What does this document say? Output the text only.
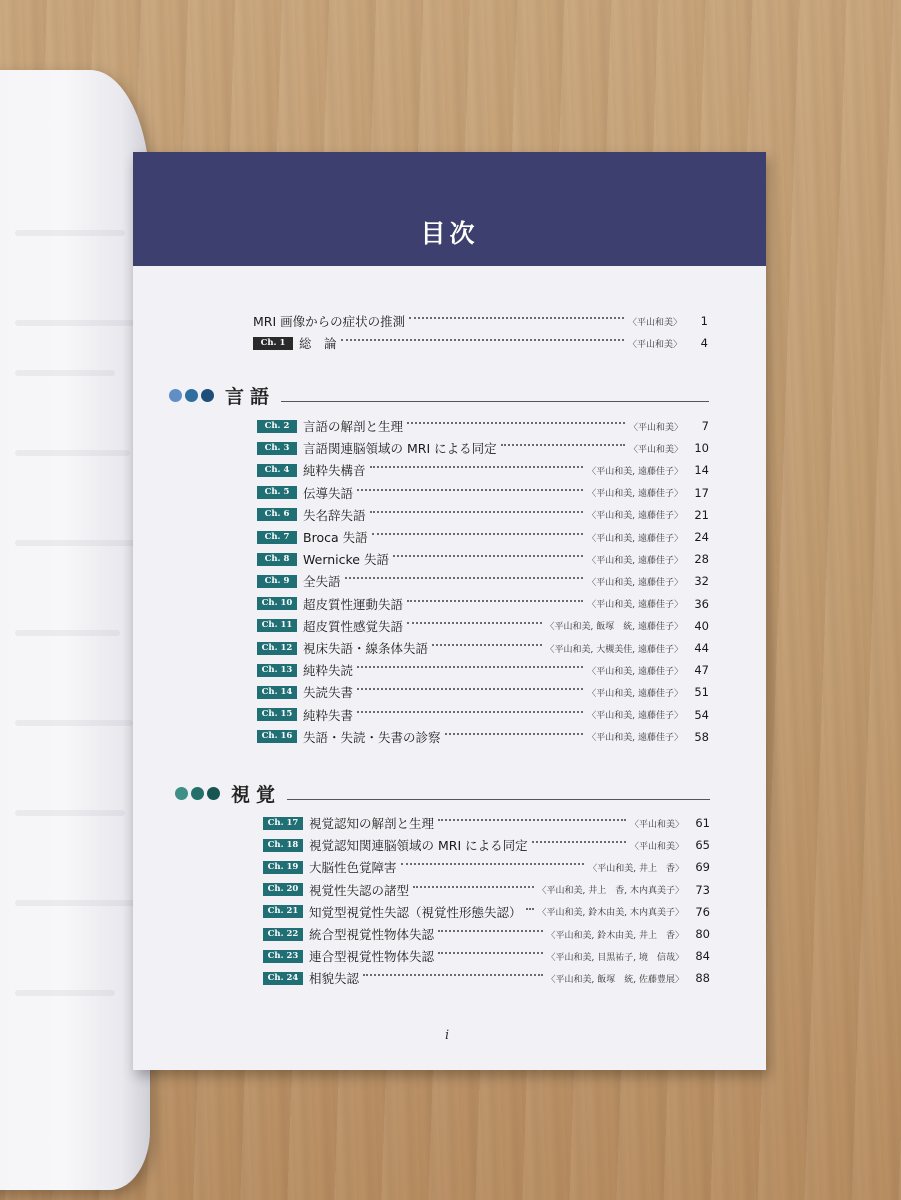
目次
MRI 画像からの症状の推測	〈平山和美〉	1
Ch. 1	総　論	〈平山和美〉	4
言語
視覚
Ch. 2	言語の解剖と生理	〈平山和美〉	7
Ch. 3	言語関連脳領域の MRI による同定	〈平山和美〉 10
Ch. 4	純粋失構音	〈平山和美, 遠藤佳子〉 14
Ch. 5	伝導失語	〈平山和美, 遠藤佳子〉 17
Ch. 6	失名辞失語	〈平山和美, 遠藤佳子〉 21
Ch. 7	Broca 失語	〈平山和美, 遠藤佳子〉 24
Ch. 8	Wernicke 失語	〈平山和美, 遠藤佳子〉 28
Ch. 9	全失語	〈平山和美, 遠藤佳子〉 32
Ch. 10 超皮質性運動失語	〈平山和美, 遠藤佳子〉 36
Ch. 11 超皮質性感覚失語	〈平山和美, 飯塚　統, 遠藤佳子〉 40
Ch. 12 視床失語・線条体失語	〈平山和美, 大槻美佳, 遠藤佳子〉 44
Ch. 13 純粋失読	〈平山和美, 遠藤佳子〉 47
Ch. 14 失読失書	〈平山和美, 遠藤佳子〉 51
Ch. 15 純粋失書	〈平山和美, 遠藤佳子〉 54
Ch. 16 失語・失読・失書の診察	〈平山和美, 遠藤佳子〉 58
Ch. 17 視覚認知の解剖と生理	〈平山和美〉 61
Ch. 18 視覚認知関連脳領域の MRI による同定	〈平山和美〉 65
Ch. 19 大脳性色覚障害	〈平山和美, 井上　香〉 69
Ch. 20 視覚性失認の諸型	〈平山和美, 井上　香, 木内真美子〉 73
Ch. 21 知覚型視覚性失認（視覚性形態失認） 〈平山和美, 鈴木由美, 木内真美子〉 76
Ch. 22 統合型視覚性物体失認	〈平山和美, 鈴木由美, 井上　香〉 80
Ch. 23 連合型視覚性物体失認	〈平山和美, 目黒祐子, 境　信哉〉 84
Ch. 24 相貌失認	〈平山和美, 飯塚　統, 佐藤豊展〉 88
i
